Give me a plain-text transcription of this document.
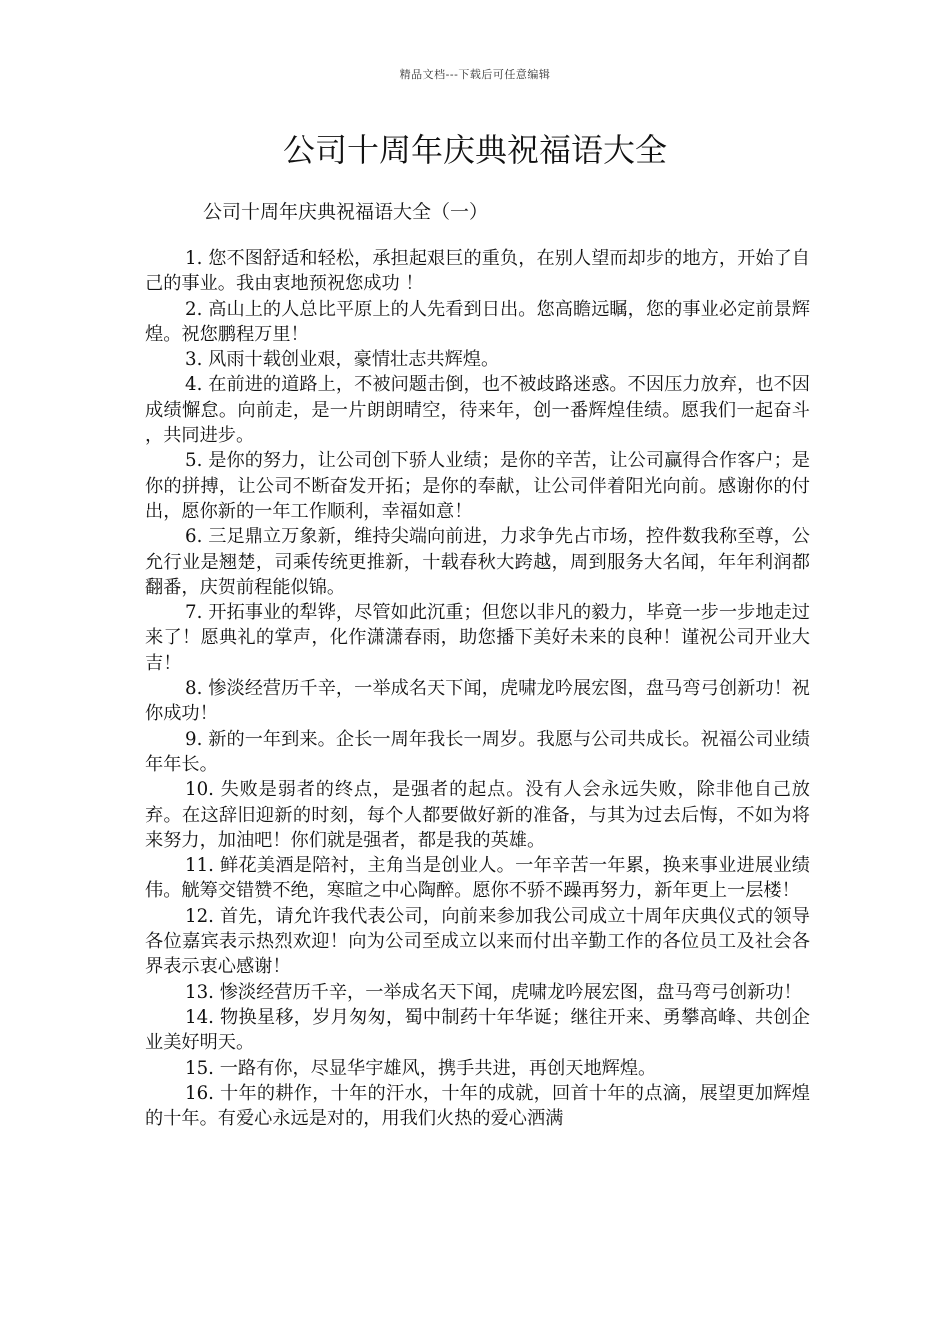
精品文档---下载后可任意编辑
公司十周年庆典祝福语大全

公司十周年庆典祝福语大全（一）

1. 您不图舒适和轻松，承担起艰巨的重负，在别人望而却步的地方，开始了自己的事业。我由衷地预祝您成功 ！

2. 高山上的人总比平原上的人先看到日出。您高瞻远瞩，您的事业必定前景辉煌。祝您鹏程万里！

3. 风雨十载创业艰，豪情壮志共辉煌。

4. 在前进的道路上，不被问题击倒，也不被歧路迷惑。不因压力放弃，也不因成绩懈怠。向前走，是一片朗朗晴空，待来年，创一番辉煌佳绩。愿我们一起奋斗 ，共同进步。

5. 是你的努力，让公司创下骄人业绩；是你的辛苦，让公司赢得合作客户；是你的拼搏，让公司不断奋发开拓；是你的奉献，让公司伴着阳光向前。感谢你的付出，愿你新的一年工作顺利，幸福如意！

6. 三足鼎立万象新，维持尖端向前进，力求争先占市场，控件数我称至尊，公允行业是翘楚，司乘传统更推新，十载春秋大跨越，周到服务大名闻，年年利润都翻番，庆贺前程能似锦。

7. 开拓事业的犁铧，尽管如此沉重；但您以非凡的毅力，毕竟一步一步地走过来了！愿典礼的掌声，化作潇潇春雨，助您播下美好未来的良种！谨祝公司开业大吉！

8. 惨淡经营历千辛，一举成名天下闻，虎啸龙吟展宏图，盘马弯弓创新功！祝你成功！

9. 新的一年到来。企长一周年我长一周岁。我愿与公司共成长。祝福公司业绩年年长。

10. 失败是弱者的终点，是强者的起点。没有人会永远失败，除非他自己放弃。在这辞旧迎新的时刻，每个人都要做好新的准备，与其为过去后悔，不如为将来努力，加油吧！你们就是强者，都是我的英雄。

11. 鲜花美酒是陪衬，主角当是创业人。一年辛苦一年累，换来事业进展业绩伟。觥筹交错赞不绝，寒暄之中心陶醉。愿你不骄不躁再努力，新年更上一层楼！

12. 首先，请允许我代表公司，向前来参加我公司成立十周年庆典仪式的领导各位嘉宾表示热烈欢迎！向为公司至成立以来而付出辛勤工作的各位员工及社会各界表示衷心感谢！

13. 惨淡经营历千辛，一举成名天下闻，虎啸龙吟展宏图，盘马弯弓创新功！

14. 物换星移，岁月匆匆，蜀中制药十年华诞；继往开来、勇攀高峰、共创企业美好明天。

15. 一路有你，尽显华宇雄风，携手共进，再创天地辉煌。

16. 十年的耕作，十年的汗水，十年的成就，回首十年的点滴，展望更加辉煌的十年。有爱心永远是对的，用我们火热的爱心洒满
